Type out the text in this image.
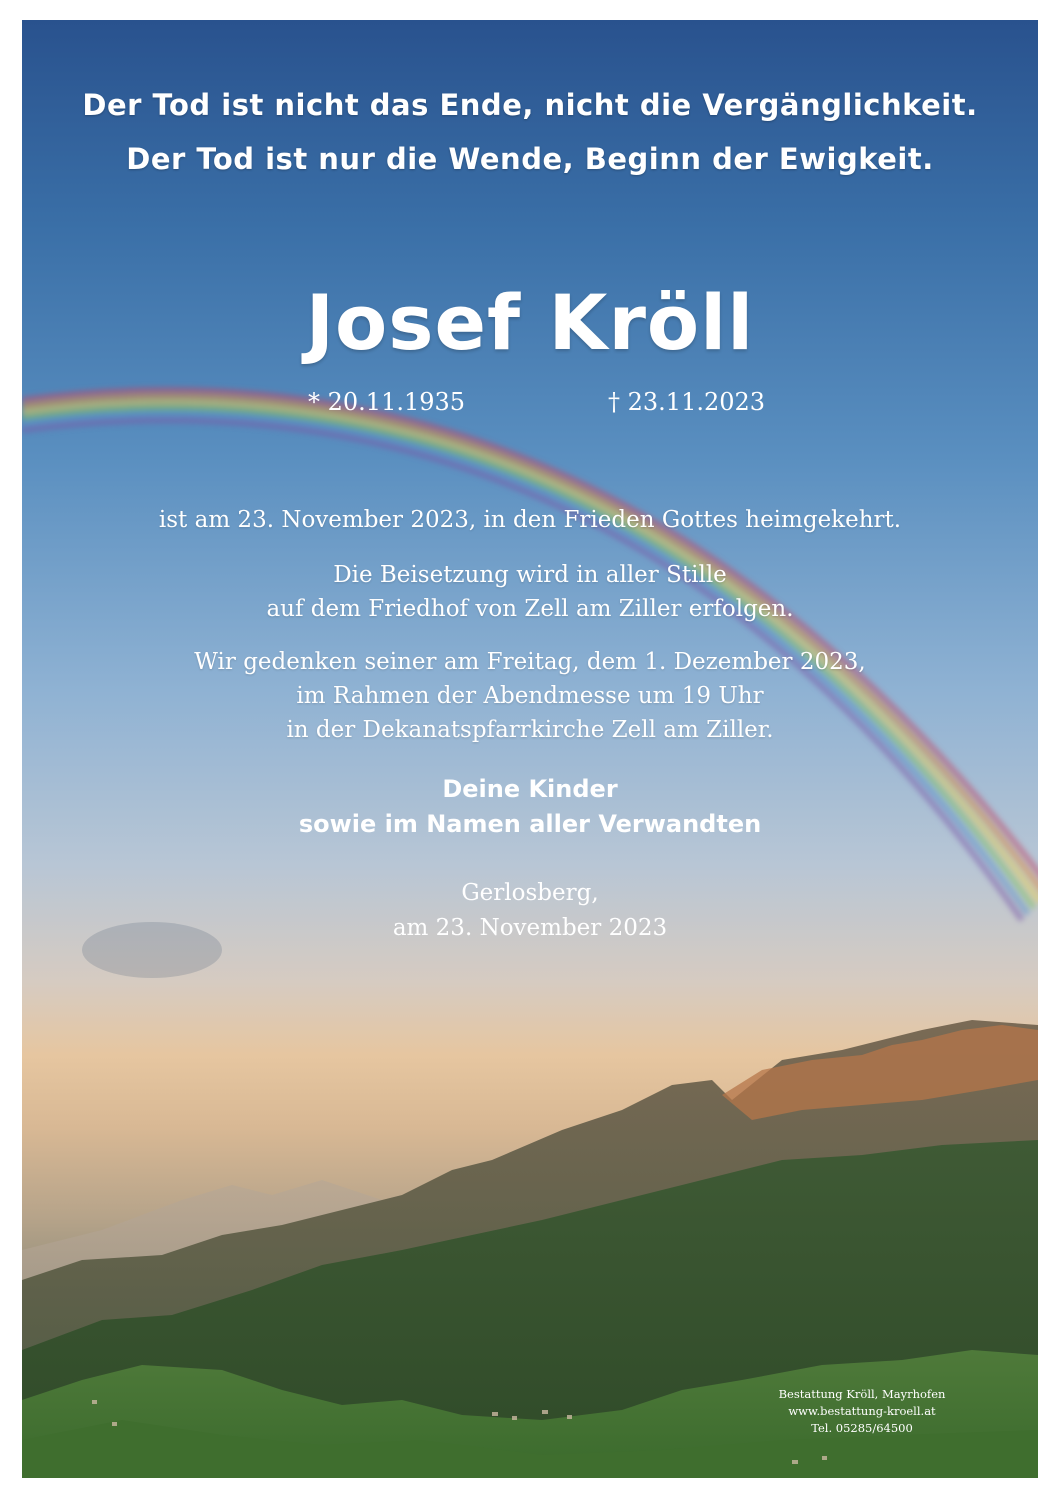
Der Tod ist nicht das Ende, nicht die Vergänglichkeit.
Der Tod ist nur die Wende, Beginn der Ewigkeit.
Josef Kröll
* 20.11.1935	† 23.11.2023
ist am 23. November 2023, in den Frieden Gottes heimgekehrt.
Die Beisetzung wird in aller Stille
auf dem Friedhof von Zell am Ziller erfolgen.
Wir gedenken seiner am Freitag, dem 1. Dezember 2023,
im Rahmen der Abendmesse um 19 Uhr
in der Dekanatspfarrkirche Zell am Ziller.
Deine Kinder
sowie im Namen aller Verwandten
Gerlosberg,
am 23. November 2023
Bestattung Kröll, Mayrhofen
www.bestattung-kroell.at
Tel. 05285/64500
